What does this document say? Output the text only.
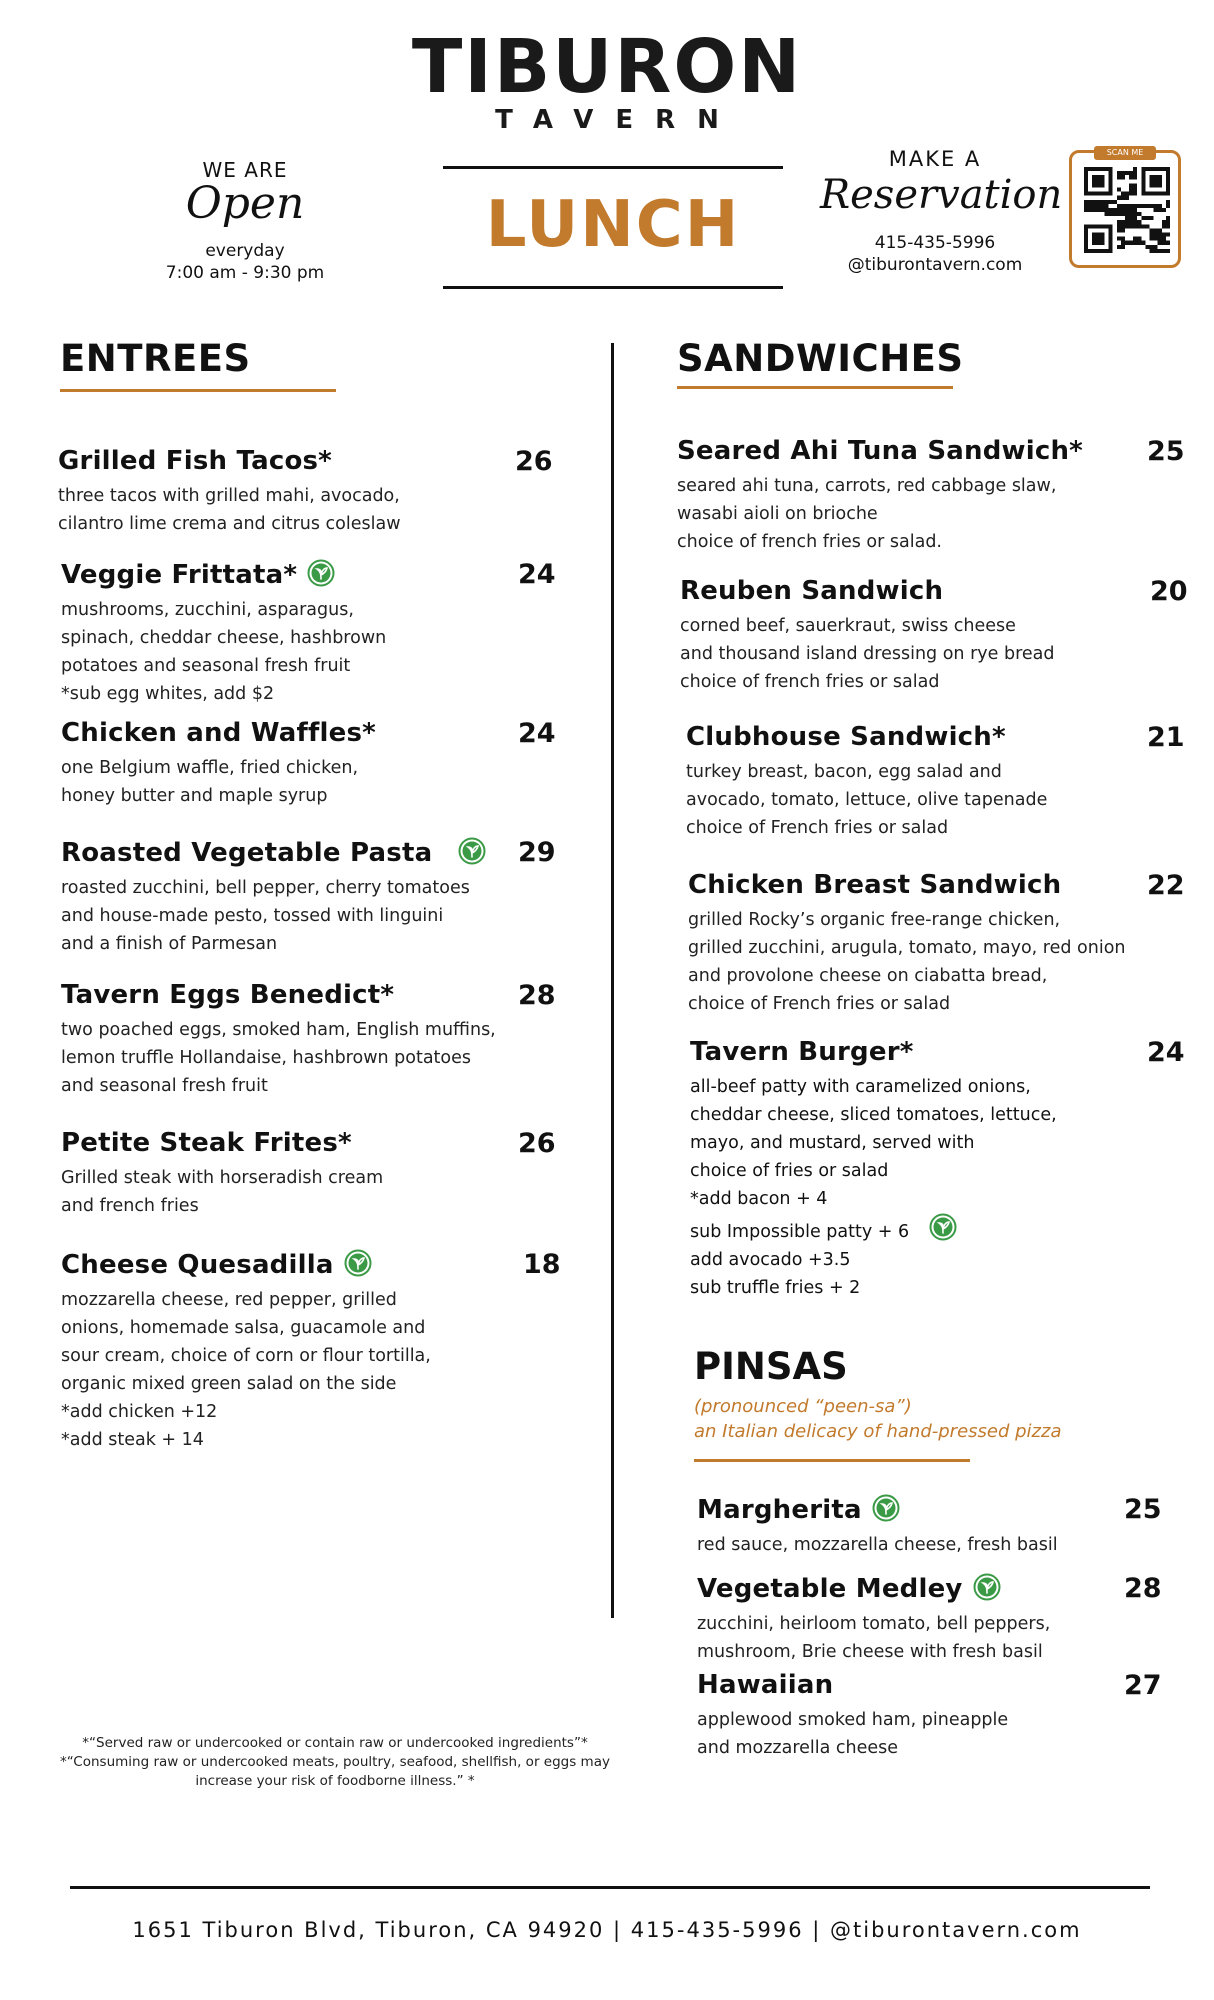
TIBURON
TAVERN
WE ARE
Open
everyday
7:00 am - 9:30 pm
LUNCH
MAKE A
Reservation
415-435-5996
@tiburontavern.com
SCAN ME
ENTREES	SANDWICHES
Grilled Fish Tacos*	26
three tacos with grilled mahi, avocado,
cilantro lime crema and citrus coleslaw
Veggie Frittata*	24
mushrooms, zucchini, asparagus,
spinach, cheddar cheese, hashbrown
potatoes and seasonal fresh fruit
*sub egg whites, add $2
Chicken and Waffles*	24
one Belgium waffle, fried chicken,
honey butter and maple syrup
Roasted Vegetable Pasta	29
roasted zucchini, bell pepper, cherry tomatoes
and house-made pesto, tossed with linguini
and a finish of Parmesan
Tavern Eggs Benedict*	28
two poached eggs, smoked ham, English muffins,
lemon truffle Hollandaise, hashbrown potatoes
and seasonal fresh fruit
Petite Steak Frites*	26
Grilled steak with horseradish cream
and french fries
Cheese Quesadilla	18
mozzarella cheese, red pepper, grilled
onions, homemade salsa, guacamole and
sour cream, choice of corn or flour tortilla,
organic mixed green salad on the side
*add chicken +12
*add steak + 14
Seared Ahi Tuna Sandwich* 25
seared ahi tuna, carrots, red cabbage slaw,
wasabi aioli on brioche
choice of french fries or salad.
Reuben Sandwich	20
corned beef, sauerkraut, swiss cheese
and thousand island dressing on rye bread
choice of french fries or salad
Clubhouse Sandwich*	21
turkey breast, bacon, egg salad and
avocado, tomato, lettuce, olive tapenade
choice of French fries or salad
Chicken Breast Sandwich	22
grilled Rocky’s organic free-range chicken,
grilled zucchini, arugula, tomato, mayo, red onion
and provolone cheese on ciabatta bread,
choice of French fries or salad
Tavern Burger*	24
all-beef patty with caramelized onions,
cheddar cheese, sliced tomatoes, lettuce,
mayo, and mustard, served with
choice of fries or salad
*add bacon + 4
sub Impossible patty + 6
add avocado +3.5
sub truffle fries + 2
PINSAS
(pronounced “peen-sa”)
an Italian delicacy of hand-pressed pizza
Margherita	25
red sauce, mozzarella cheese, fresh basil
Vegetable Medley	28
zucchini, heirloom tomato, bell peppers,
mushroom, Brie cheese with fresh basil
Hawaiian	27
applewood smoked ham, pineapple
and mozzarella cheese
*“Served raw or undercooked or contain raw or undercooked ingredients”*
*“Consuming raw or undercooked meats, poultry, seafood, shellfish, or eggs may
increase your risk of foodborne illness.” *
1651 Tiburon Blvd, Tiburon, CA 94920 | 415-435-5996 | @tiburontavern.com
